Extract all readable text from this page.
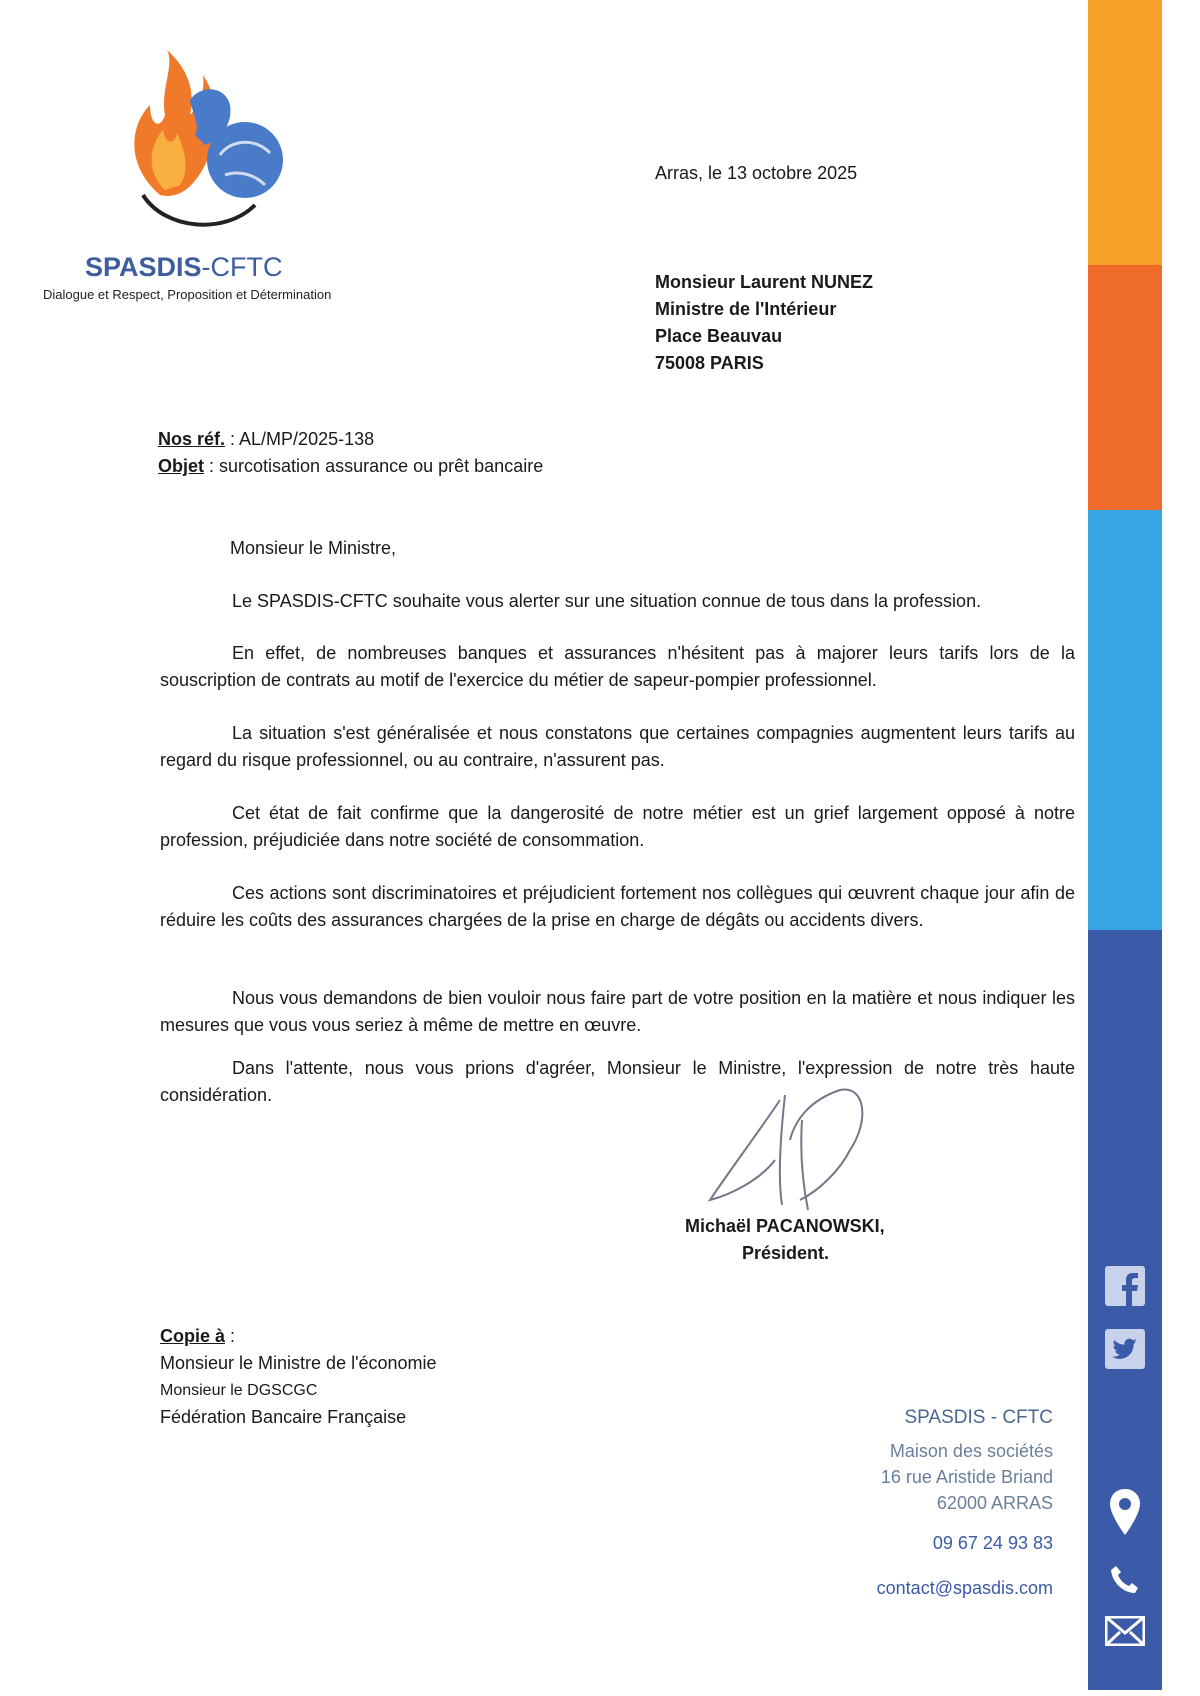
SPASDIS-CFTC
Dialogue et Respect, Proposition et Détermination
Arras, le 13 octobre 2025
Monsieur Laurent NUNEZ
Ministre de l'Intérieur
Place Beauvau
75008 PARIS
Nos réf. : AL/MP/2025-138
Objet : surcotisation assurance ou prêt bancaire
Monsieur le Ministre,
Le SPASDIS-CFTC souhaite vous alerter sur une situation connue de tous dans la profession.
En effet, de nombreuses banques et assurances n'hésitent pas à majorer leurs tarifs lors de la souscription de contrats au motif de l'exercice du métier de sapeur-pompier professionnel.
La situation s'est généralisée et nous constatons que certaines compagnies augmentent leurs tarifs au regard du risque professionnel, ou au contraire, n'assurent pas.
Cet état de fait confirme que la dangerosité de notre métier est un grief largement opposé à notre profession, préjudiciée dans notre société de consommation.
Ces actions sont discriminatoires et préjudicient fortement nos collègues qui œuvrent chaque jour afin de réduire les coûts des assurances chargées de la prise en charge de dégâts ou accidents divers.
Nous vous demandons de bien vouloir nous faire part de votre position en la matière et nous indiquer les mesures que vous vous seriez à même de mettre en œuvre.
Dans l'attente, nous vous prions d'agréer, Monsieur le Ministre, l'expression de notre très haute considération.
Michaël PACANOWSKI,
Président.
Copie à :
Monsieur le Ministre de l'économie
Monsieur le DGSCGC
Fédération Bancaire Française	SPASDIS - CFTC
Maison des sociétés
16 rue Aristide Briand
62000 ARRAS
09 67 24 93 83
contact@spasdis.com
